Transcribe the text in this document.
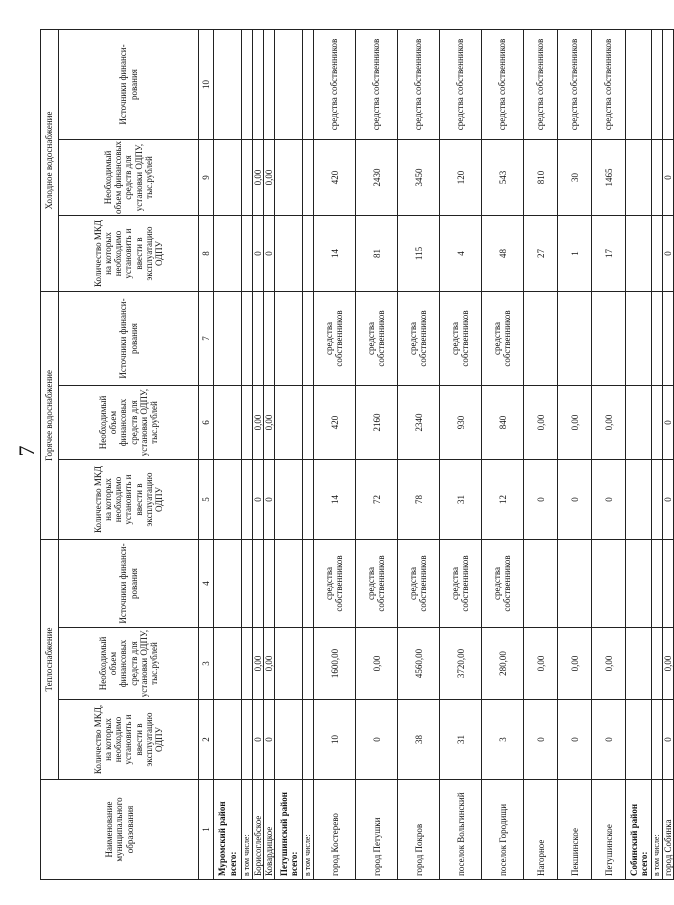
7
Наименование муниципального образования	Теплоснабжение			Горячее водоснабжение			Холодное водоснабжение		
	Количество МКД, на которых необходимо установить и ввести в эксплуатацию ОДПУ	Необходимый объем финансовых средств для установки ОДПУ, тыс.рублей	Источники финанси-рования	Количество МКД на которых необходимо установить и ввести в эксплуатацию ОДПУ	Необходимый объем финансовых средств для установки ОДПУ, тыс.рублей	Источники финанси-рования	Количество МКД на которых необходимо установить и ввести в эксплуатацию ОДПУ	Необходимый объем финансовых средств для установки ОДПУ, тыс.рублей	Источники финанси-рования
1	2	3	4	5	6	7	8	9	10
Муромский район всего:									
в том числе:									
Борисоглебское	0	0,00		0	0,00		0	0,00	
Ковардицкое	0	0,00		0	0,00		0	0,00	
Петушинский район всего:									
в том числе:									
город Костерево	10	1600,00	средства собственников	14	420	средства собственников	14	420	средства собственников
город Петушки	0	0,00	средства собственников	72	2160	средства собственников	81	2430	средства собственников
город Покров	38	4560,00	средства собственников	78	2340	средства собственников	115	3450	средства собственников
поселок Вольгинский	31	3720,00	средства собственников	31	930	средства собственников	4	120	средства собственников
поселок Городищи	3	280,00	средства собственников	12	840	средства собственников	48	543	средства собственников
Нагорное	0	0,00		0	0,00		27	810	средства собственников
Пекшинское	0	0,00		0	0,00		1	30	средства собственников
Петушинское	0	0,00		0	0,00		17	1465	средства собственников
Собинский район всего:									
в том числе:									
город Собинка	0	0,00		0	0		0	0	
